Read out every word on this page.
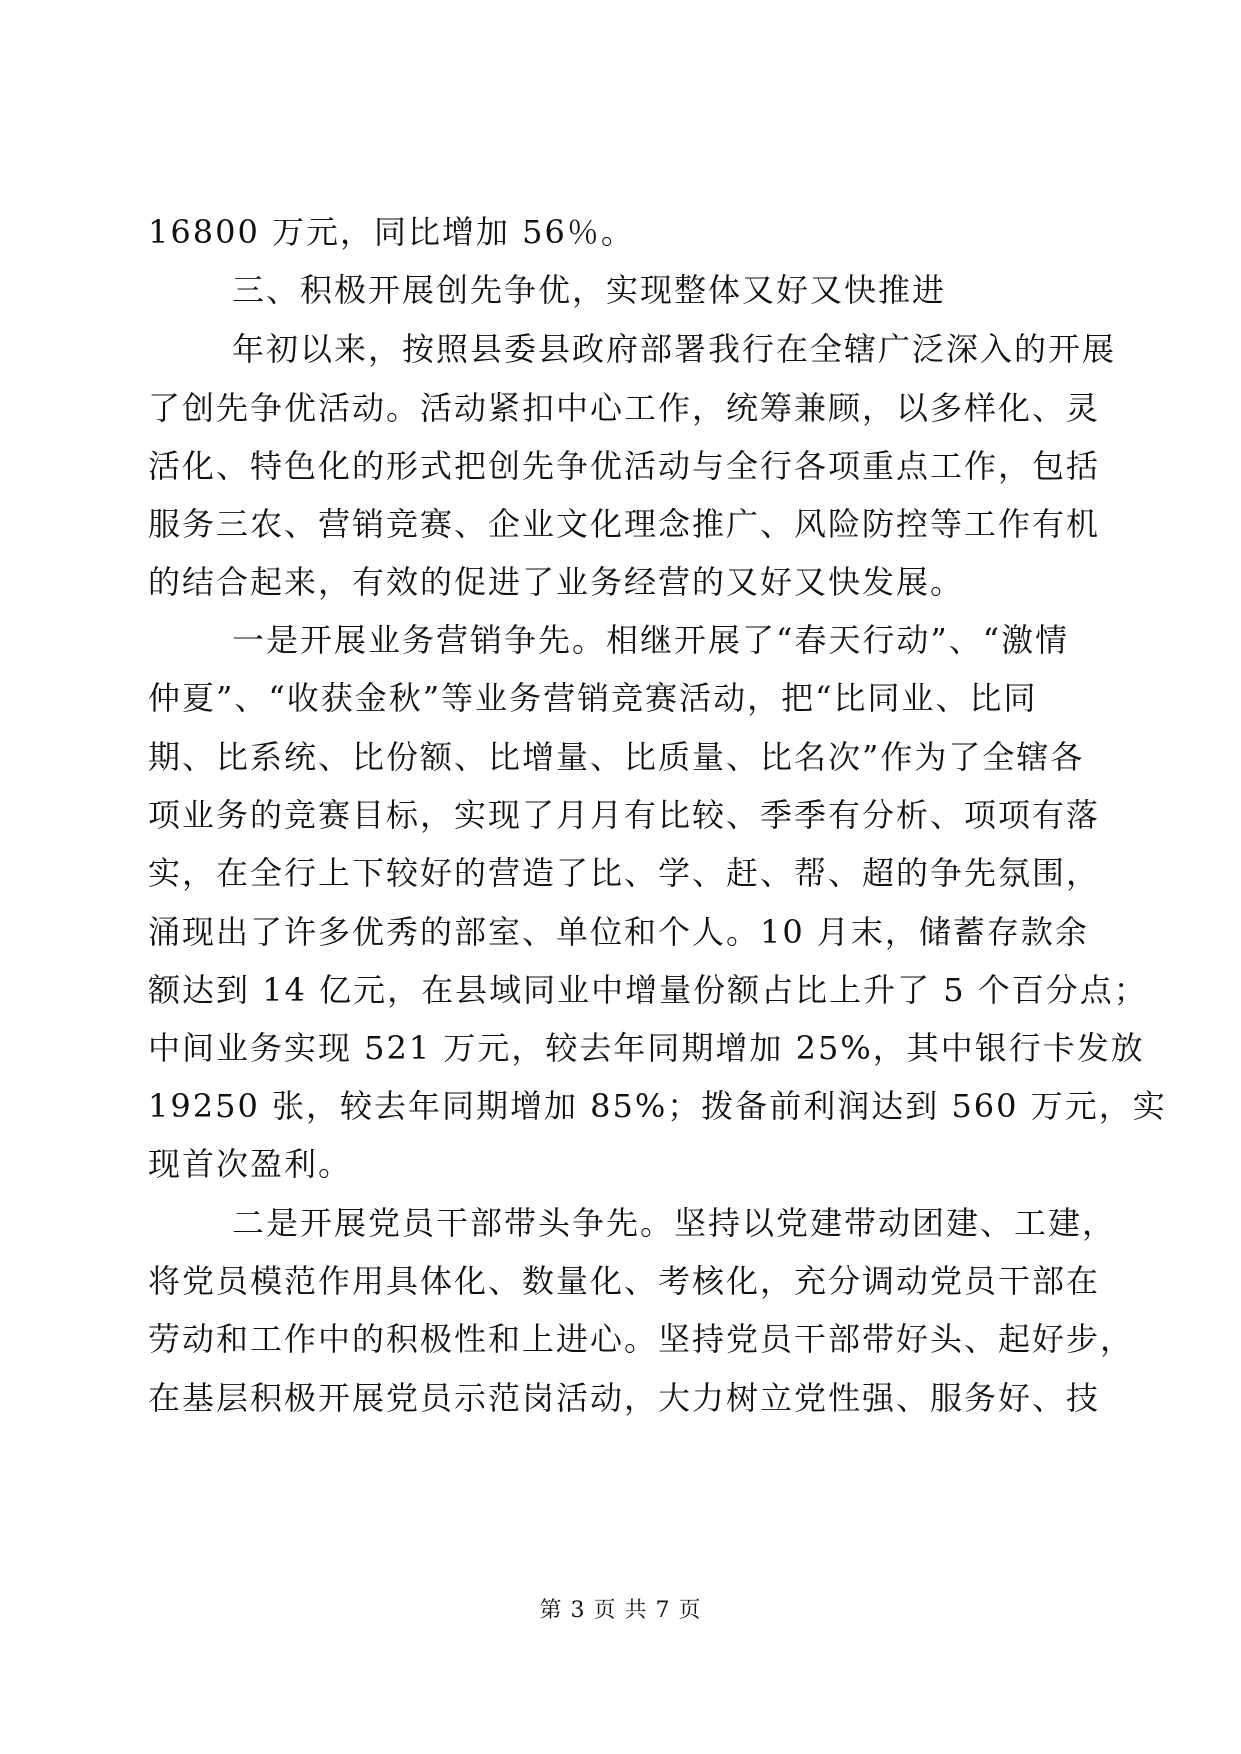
16800 万元，同比增加 56％。
三、积极开展创先争优，实现整体又好又快推进
年初以来，按照县委县政府部署我行在全辖广泛深入的开展
了创先争优活动。活动紧扣中心工作，统筹兼顾，以多样化、灵
活化、特色化的形式把创先争优活动与全行各项重点工作，包括
服务三农、营销竞赛、企业文化理念推广、风险防控等工作有机
的结合起来，有效的促进了业务经营的又好又快发展。
一是开展业务营销争先。相继开展了“春天行动”、“激情
仲夏”、“收获金秋”等业务营销竞赛活动，把“比同业、比同
期、比系统、比份额、比增量、比质量、比名次”作为了全辖各
项业务的竞赛目标，实现了月月有比较、季季有分析、项项有落
实，在全行上下较好的营造了比、学、赶、帮、超的争先氛围，
涌现出了许多优秀的部室、单位和个人。10 月末，储蓄存款余
额达到 14 亿元，在县域同业中增量份额占比上升了 5 个百分点；
中间业务实现 521 万元，较去年同期增加 25%，其中银行卡发放
19250 张，较去年同期增加 85%；拨备前利润达到 560 万元，实
现首次盈利。
二是开展党员干部带头争先。坚持以党建带动团建、工建，
将党员模范作用具体化、数量化、考核化，充分调动党员干部在
劳动和工作中的积极性和上进心。坚持党员干部带好头、起好步，
在基层积极开展党员示范岗活动，大力树立党性强、服务好、技
第 3 页 共 7 页
